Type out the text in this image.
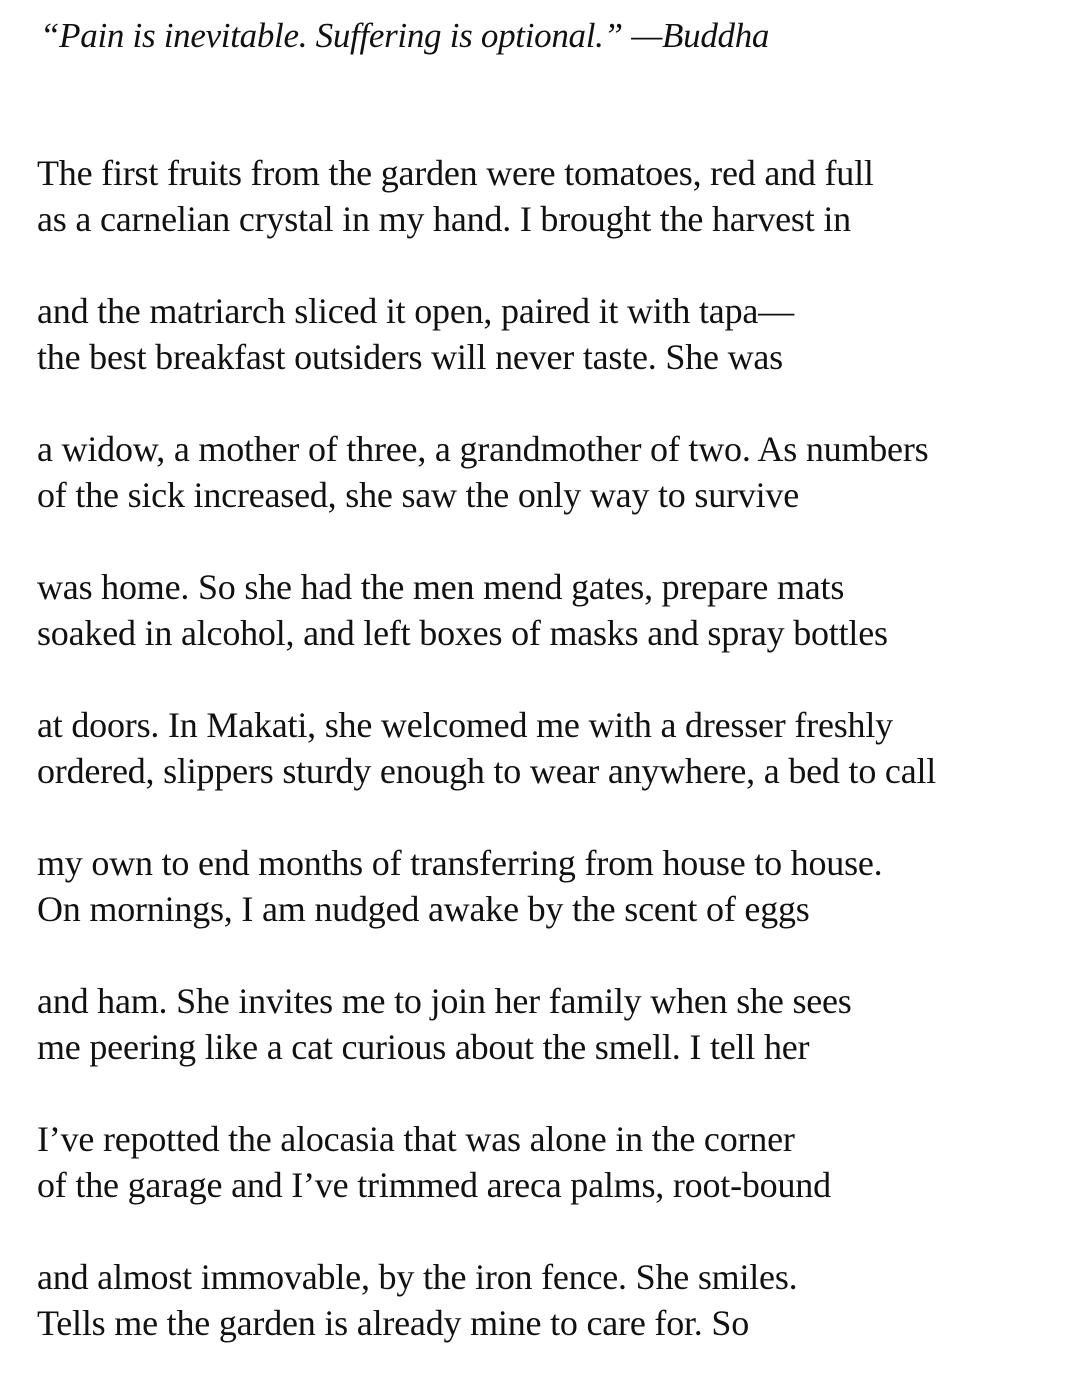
“Pain is inevitable. Suffering is optional.” —Buddha
The first fruits from the garden were tomatoes, red and full
as a carnelian crystal in my hand. I brought the harvest in
and the matriarch sliced it open, paired it with tapa—
the best breakfast outsiders will never taste. She was
a widow, a mother of three, a grandmother of two. As numbers
of the sick increased, she saw the only way to survive
was home. So she had the men mend gates, prepare mats
soaked in alcohol, and left boxes of masks and spray bottles
at doors. In Makati, she welcomed me with a dresser freshly
ordered, slippers sturdy enough to wear anywhere, a bed to call
my own to end months of transferring from house to house.
On mornings, I am nudged awake by the scent of eggs
and ham. She invites me to join her family when she sees
me peering like a cat curious about the smell. I tell her
I’ve repotted the alocasia that was alone in the corner
of the garage and I’ve trimmed areca palms, root-bound
and almost immovable, by the iron fence. She smiles.
Tells me the garden is already mine to care for. So
